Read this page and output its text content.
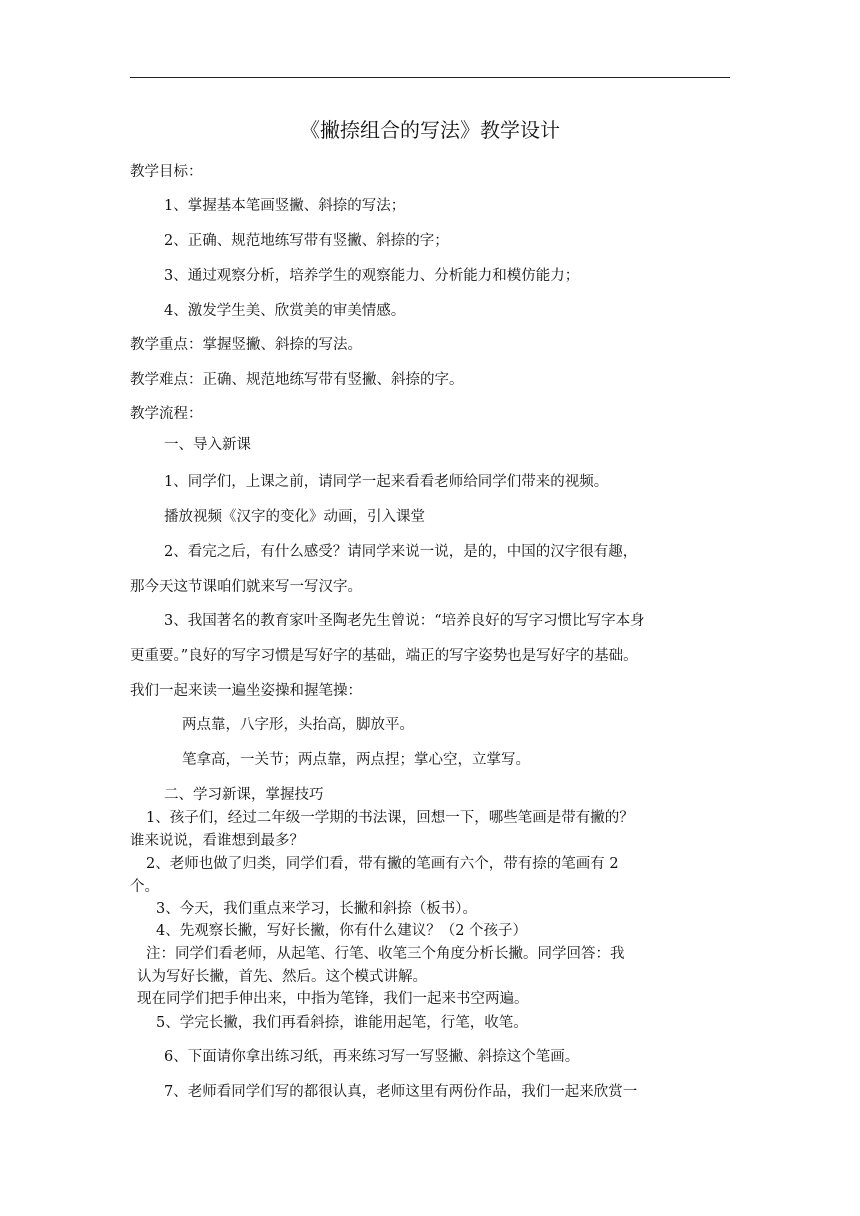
《撇捺组合的写法》教学设计
教学目标：
1、掌握基本笔画竖撇、斜捺的写法；
2、正确、规范地练写带有竖撇、斜捺的字；
3、通过观察分析，培养学生的观察能力、分析能力和模仿能力；
4、激发学生美、欣赏美的审美情感。
教学重点：掌握竖撇、斜捺的写法。
教学难点：正确、规范地练写带有竖撇、斜捺的字。
教学流程：
一、导入新课
1、同学们，上课之前，请同学一起来看看老师给同学们带来的视频。
播放视频《汉字的变化》动画，引入课堂
2、看完之后，有什么感受？请同学来说一说，是的，中国的汉字很有趣，
那今天这节课咱们就来写一写汉字。
3、我国著名的教育家叶圣陶老先生曾说：“培养良好的写字习惯比写字本身
更重要。”良好的写字习惯是写好字的基础，端正的写字姿势也是写好字的基础。
我们一起来读一遍坐姿操和握笔操：
两点靠，八字形，头抬高，脚放平。
笔拿高，一关节；两点靠，两点捏；掌心空，立掌写。
二、学习新课，掌握技巧
1、孩子们，经过二年级一学期的书法课，回想一下，哪些笔画是带有撇的？
谁来说说，看谁想到最多？
2、老师也做了归类，同学们看，带有撇的笔画有六个，带有捺的笔画有 2
个。
3、今天，我们重点来学习，长撇和斜捺（板书）。
4、先观察长撇，写好长撇，你有什么建议？（2 个孩子）
注：同学们看老师，从起笔、行笔、收笔三个角度分析长撇。同学回答：我
认为写好长撇，首先、然后。这个模式讲解。
现在同学们把手伸出来，中指为笔锋，我们一起来书空两遍。
5、学完长撇，我们再看斜捺，谁能用起笔，行笔，收笔。
6、下面请你拿出练习纸，再来练习写一写竖撇、斜捺这个笔画。
7、老师看同学们写的都很认真，老师这里有两份作品，我们一起来欣赏一
